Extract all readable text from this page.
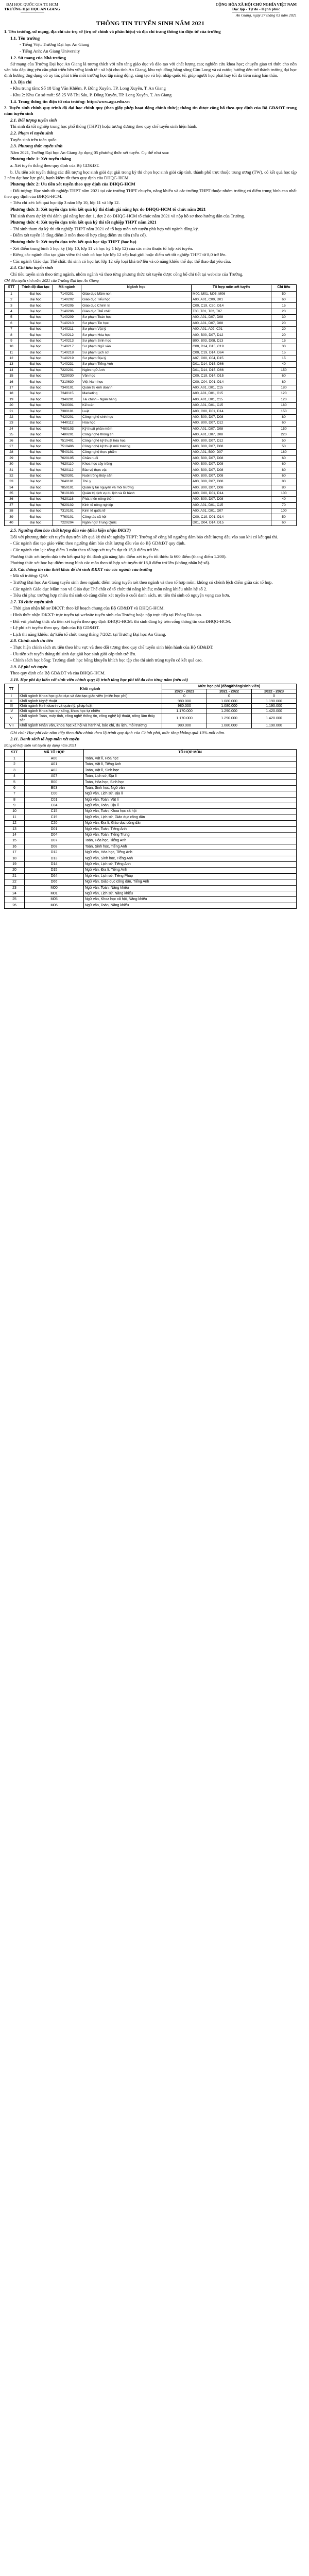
ĐẠI HỌC QUỐC GIA TP. HCM
TRƯỜNG ĐẠI HỌC AN GIANG
CỘNG HÒA XÃ HỘI CHỦ NGHĨA VIỆT NAM
Độc lập - Tự do - Hạnh phúc
An Giang, ngày 27 tháng 03 năm 2021
THÔNG TIN TUYỂN SINH NĂM 2021

1. Tên trường, sứ mạng, địa chỉ các trụ sở (trụ sở chính và phân hiệu) và địa chỉ trang thông tin điện tử của trường

1.1. Tên trường

- Tiếng Việt: Trường Đại học An Giang

- Tiếng Anh: An Giang University

1.2. Sứ mạng của Nhà trường

Sứ mạng của Trường Đại học An Giang là tương thích với nền tảng giáo dục và đào tạo với chất lượng cao; nghiên cứu khoa học; chuyển giao tri thức cho nền văn hóa đáp ứng yêu cầu phát triển bền vững kinh tế - xã hội cho tỉnh An Giang, khu vực đồng bằng sông Cửu Long và cả nước; hướng đến trở thành trường đại học định hướng ứng dụng có uy tín; phát triển môi trường học tập năng động, sáng tạo và hội nhập quốc tế; giúp người học phát huy tối đa tiềm năng bản thân.

1.3. Địa chỉ

- Khu trung tâm: Số 18 Ung Văn Khiêm, P. Đông Xuyên, TP. Long Xuyên, T. An Giang

- Khu 2: Khu Cơ sở mới: Số 25 Võ Thị Sáu, P. Đông Xuyên, TP. Long Xuyên, T. An Giang

1.4. Trang thông tin điện tử của trường: http://www.agu.edu.vn

2. Tuyển sinh chính quy trình độ đại học chính quy (theo giấy phép hoạt động chính thức); thông tin được công bố theo quy định của Bộ GD&ĐT trong năm tuyển sinh

2.1. Đối tượng tuyển sinh

Thí sinh đã tốt nghiệp trung học phổ thông (THPT) hoặc tương đương theo quy chế tuyển sinh hiện hành.

2.2. Phạm vi tuyển sinh

Tuyển sinh trên toàn quốc.

2.3. Phương thức tuyển sinh

Năm 2021, Trường Đại học An Giang áp dụng 05 phương thức xét tuyển. Cụ thể như sau:

Phương thức 1: Xét tuyển thẳng

a. Xét tuyển thẳng theo quy định của Bộ GD&ĐT.

b. Ưu tiên xét tuyển thẳng các đối tượng học sinh giỏi đạt giải trong kỳ thi chọn học sinh giỏi cấp tỉnh, thành phố trực thuộc trung ương (TW), có kết quả học tập 3 năm đạt học lực giỏi, hạnh kiểm tốt theo quy định của ĐHQG-HCM.

Phương thức 2: Ưu tiên xét tuyển theo quy định của ĐHQG-HCM

- Đối tượng: Học sinh tốt nghiệp THPT năm 2021 tại các trường THPT chuyên, năng khiếu và các trường THPT thuộc nhóm trường có điểm trung bình cao nhất theo quy định của ĐHQG-HCM.

- Tiêu chí xét: kết quả học tập 3 năm lớp 10, lớp 11 và lớp 12.

Phương thức 3: Xét tuyển dựa trên kết quả kỳ thi đánh giá năng lực do ĐHQG-HCM tổ chức năm 2021

Thí sinh tham dự kỳ thi đánh giá năng lực đợt 1, đợt 2 do ĐHQG-HCM tổ chức năm 2021 và nộp hồ sơ theo hướng dẫn của Trường.

Phương thức 4: Xét tuyển dựa trên kết quả kỳ thi tốt nghiệp THPT năm 2021

- Thí sinh tham dự kỳ thi tốt nghiệp THPT năm 2021 có tổ hợp môn xét tuyển phù hợp với ngành đăng ký.

- Điểm xét tuyển là tổng điểm 3 môn theo tổ hợp cộng điểm ưu tiên (nếu có).

Phương thức 5: Xét tuyển dựa trên kết quả học tập THPT (học bạ)

- Xét điểm trung bình 5 học kỳ (lớp 10, lớp 11 và học kỳ 1 lớp 12) của các môn thuộc tổ hợp xét tuyển.

- Riêng các ngành đào tạo giáo viên: thí sinh có học lực lớp 12 xếp loại giỏi hoặc điểm xét tốt nghiệp THPT từ 8,0 trở lên.

- Các ngành Giáo dục Thể chất: thí sinh có học lực lớp 12 xếp loại khá trở lên và có năng khiếu thể dục thể thao đạt yêu cầu.

2.4. Chỉ tiêu tuyển sinh

Chỉ tiêu tuyển sinh theo từng ngành, nhóm ngành và theo từng phương thức xét tuyển được công bố chi tiết tại website của Trường.

Chỉ tiêu tuyển sinh năm 2021 của Trường Đại học An Giang

STT	Trình độ đào tạo	Mã ngành	Ngành học	Tổ hợp môn xét tuyển	Chỉ tiêu
1	Đại học	7140201	Giáo dục Mầm non	M00, M01, M05, M06	50
2	Đại học	7140202	Giáo dục Tiểu học	A00, A01, C00, D01	60
3	Đại học	7140205	Giáo dục Chính trị	C00, C19, C20, D14	15
4	Đại học	7140206	Giáo dục Thể chất	T00, T01, T02, T07	20
5	Đại học	7140209	Sư phạm Toán học	A00, A01, D07, D08	30
6	Đại học	7140210	Sư phạm Tin học	A00, A01, D07, D08	20
7	Đại học	7140211	Sư phạm Vật lý	A00, A01, A02, C01	20
8	Đại học	7140212	Sư phạm Hóa học	A00, B00, D07, D12	20
9	Đại học	7140213	Sư phạm Sinh học	B00, B03, D08, D13	15
10	Đại học	7140217	Sư phạm Ngữ văn	C00, D14, D15, C19	30
11	Đại học	7140218	Sư phạm Lịch sử	C00, C19, D14, D64	15
12	Đại học	7140219	Sư phạm Địa lý	A07, C00, C04, D15	15
13	Đại học	7140231	Sư phạm Tiếng Anh	D01, D14, D15, D66	40
14	Đại học	7220201	Ngôn ngữ Anh	D01, D14, D15, D66	150
15	Đại học	7229030	Văn học	C00, C19, D14, D15	60
16	Đại học	7310630	Việt Nam học	C00, C04, D01, D14	80
17	Đại học	7340101	Quản trị kinh doanh	A00, A01, D01, C15	180
18	Đại học	7340115	Marketing	A00, A01, D01, C15	120
19	Đại học	7340201	Tài chính - Ngân hàng	A00, A01, D01, C15	120
20	Đại học	7340301	Kế toán	A00, A01, D01, C15	180
21	Đại học	7380101	Luật	A00, C00, D01, D14	150
22	Đại học	7420201	Công nghệ sinh học	A00, B00, D07, D08	80
23	Đại học	7440112	Hóa học	A00, B00, D07, D12	60
24	Đại học	7480103	Kỹ thuật phần mềm	A00, A01, D07, D08	150
25	Đại học	7480201	Công nghệ thông tin	A00, A01, D07, D08	220
26	Đại học	7510401	Công nghệ kỹ thuật hóa học	A00, B00, D07, D12	50
27	Đại học	7510406	Công nghệ kỹ thuật môi trường	A00, B00, D07, D08	50
28	Đại học	7540101	Công nghệ thực phẩm	A00, A01, B00, D07	160
29	Đại học	7620105	Chăn nuôi	A00, B00, D07, D08	60
30	Đại học	7620110	Khoa học cây trồng	A00, B00, D07, D08	60
31	Đại học	7620112	Bảo vệ thực vật	A00, B00, D07, D08	80
32	Đại học	7620301	Nuôi trồng thủy sản	A00, B00, D07, D08	60
33	Đại học	7640101	Thú y	A00, B00, D07, D08	80
34	Đại học	7850101	Quản lý tài nguyên và môi trường	A00, B00, D07, D08	80
35	Đại học	7810103	Quản trị dịch vụ du lịch và lữ hành	A00, C00, D01, D14	100
36	Đại học	7620116	Phát triển nông thôn	A00, B00, D07, D08	40
37	Đại học	7620102	Kinh tế nông nghiệp	A00, A01, D01, C15	70
38	Đại học	7310101	Kinh tế quốc tế	A00, A01, D01, D07	100
39	Đại học	7760101	Công tác xã hội	C00, C19, D01, D14	50
40	Đại học	7220204	Ngôn ngữ Trung Quốc	D01, D04, D14, D15	60

2.5. Ngưỡng đảm bảo chất lượng đầu vào (điều kiện nhận ĐKXT)

Đối với phương thức xét tuyển dựa trên kết quả kỳ thi tốt nghiệp THPT: Trường sẽ công bố ngưỡng đảm bảo chất lượng đầu vào sau khi có kết quả thi.

- Các ngành đào tạo giáo viên: theo ngưỡng đảm bảo chất lượng đầu vào do Bộ GD&ĐT quy định.

- Các ngành còn lại: tổng điểm 3 môn theo tổ hợp xét tuyển đạt từ 15,0 điểm trở lên.

Phương thức xét tuyển dựa trên kết quả kỳ thi đánh giá năng lực: điểm xét tuyển tối thiểu là 600 điểm (thang điểm 1.200).

Phương thức xét học bạ: điểm trung bình các môn theo tổ hợp xét tuyển từ 18,0 điểm trở lên (không nhân hệ số).

2.6. Các thông tin cần thiết khác để thí sinh ĐKXT vào các ngành của trường

- Mã số trường: QSA

- Trường Đại học An Giang tuyển sinh theo ngành; điểm trúng tuyển xét theo ngành và theo tổ hợp môn; không có chênh lệch điểm giữa các tổ hợp.

- Các ngành Giáo dục Mầm non và Giáo dục Thể chất có tổ chức thi năng khiếu; môn năng khiếu nhân hệ số 2.

- Tiêu chí phụ: trường hợp nhiều thí sinh có cùng điểm xét tuyển ở cuối danh sách, ưu tiên thí sinh có nguyện vọng cao hơn.

2.7. Tổ chức tuyển sinh

- Thời gian nhận hồ sơ ĐKXT: theo kế hoạch chung của Bộ GD&ĐT và ĐHQG-HCM.

- Hình thức nhận ĐKXT: trực tuyến tại website tuyển sinh của Trường hoặc nộp trực tiếp tại Phòng Đào tạo.

- Đối với phương thức ưu tiên xét tuyển theo quy định ĐHQG-HCM: thí sinh đăng ký trên cổng thông tin của ĐHQG-HCM.

- Lệ phí xét tuyển: theo quy định của Bộ GD&ĐT.

- Lịch thi năng khiếu: dự kiến tổ chức trong tháng 7/2021 tại Trường Đại học An Giang.

2.8. Chính sách ưu tiên

- Thực hiện chính sách ưu tiên theo khu vực và theo đối tượng theo quy chế tuyển sinh hiện hành của Bộ GD&ĐT.

- Ưu tiên xét tuyển thẳng thí sinh đạt giải học sinh giỏi cấp tỉnh trở lên.

- Chính sách học bổng: Trường dành học bổng khuyến khích học tập cho thí sinh trúng tuyển có kết quả cao.

2.9. Lệ phí xét tuyển

Theo quy định của Bộ GD&ĐT và của ĐHQG-HCM.

2.10. Học phí dự kiến với sinh viên chính quy; lộ trình tăng học phí tối đa cho từng năm (nếu có)

TT	Khối ngành	Mức học phí (đồng/tháng/sinh viên)		
		2020 - 2021	2021 - 2022	2022 - 2023
I	Khối ngành Khoa học giáo dục và đào tạo giáo viên (miễn học phí)	0	0	0
II	Khối ngành Nghệ thuật	980.000	1.080.000	1.190.000
III	Khối ngành Kinh doanh và quản lý, pháp luật	980.000	1.080.000	1.190.000
IV	Khối ngành Khoa học sự sống, khoa học tự nhiên	1.170.000	1.290.000	1.420.000
V	Khối ngành Toán, máy tính, công nghệ thông tin, công nghệ kỹ thuật, nông lâm thủy sản	1.170.000	1.290.000	1.420.000
VII	Khối ngành Nhân văn, khoa học xã hội và hành vi, báo chí, du lịch, môi trường	980.000	1.080.000	1.190.000

Ghi chú: Học phí các năm tiếp theo điều chỉnh theo lộ trình quy định của Chính phủ, mức tăng không quá 10% mỗi năm.

2.11. Danh sách tổ hợp môn xét tuyển

Bảng tổ hợp môn xét tuyển áp dụng năm 2021

STT	MÃ TỔ HỢP	TỔ HỢP MÔN
1	A00	Toán, Vật lí, Hóa học
2	A01	Toán, Vật lí, Tiếng Anh
3	A02	Toán, Vật lí, Sinh học
4	A07	Toán, Lịch sử, Địa lí
5	B00	Toán, Hóa học, Sinh học
6	B03	Toán, Sinh học, Ngữ văn
7	C00	Ngữ văn, Lịch sử, Địa lí
8	C01	Ngữ văn, Toán, Vật lí
9	C04	Ngữ văn, Toán, Địa lí
10	C15	Ngữ văn, Toán, Khoa học xã hội
11	C19	Ngữ văn, Lịch sử, Giáo dục công dân
12	C20	Ngữ văn, Địa lí, Giáo dục công dân
13	D01	Ngữ văn, Toán, Tiếng Anh
14	D04	Ngữ văn, Toán, Tiếng Trung
15	D07	Toán, Hóa học, Tiếng Anh
16	D08	Toán, Sinh học, Tiếng Anh
17	D12	Ngữ văn, Hóa học, Tiếng Anh
18	D13	Ngữ văn, Sinh học, Tiếng Anh
19	D14	Ngữ văn, Lịch sử, Tiếng Anh
20	D15	Ngữ văn, Địa lí, Tiếng Anh
21	D64	Ngữ văn, Lịch sử, Tiếng Pháp
22	D66	Ngữ văn, Giáo dục công dân, Tiếng Anh
23	M00	Ngữ văn, Toán, Năng khiếu
24	M01	Ngữ văn, Lịch sử, Năng khiếu
25	M05	Ngữ văn, Khoa học xã hội, Năng khiếu
26	M06	Ngữ văn, Toán, Năng khiếu
